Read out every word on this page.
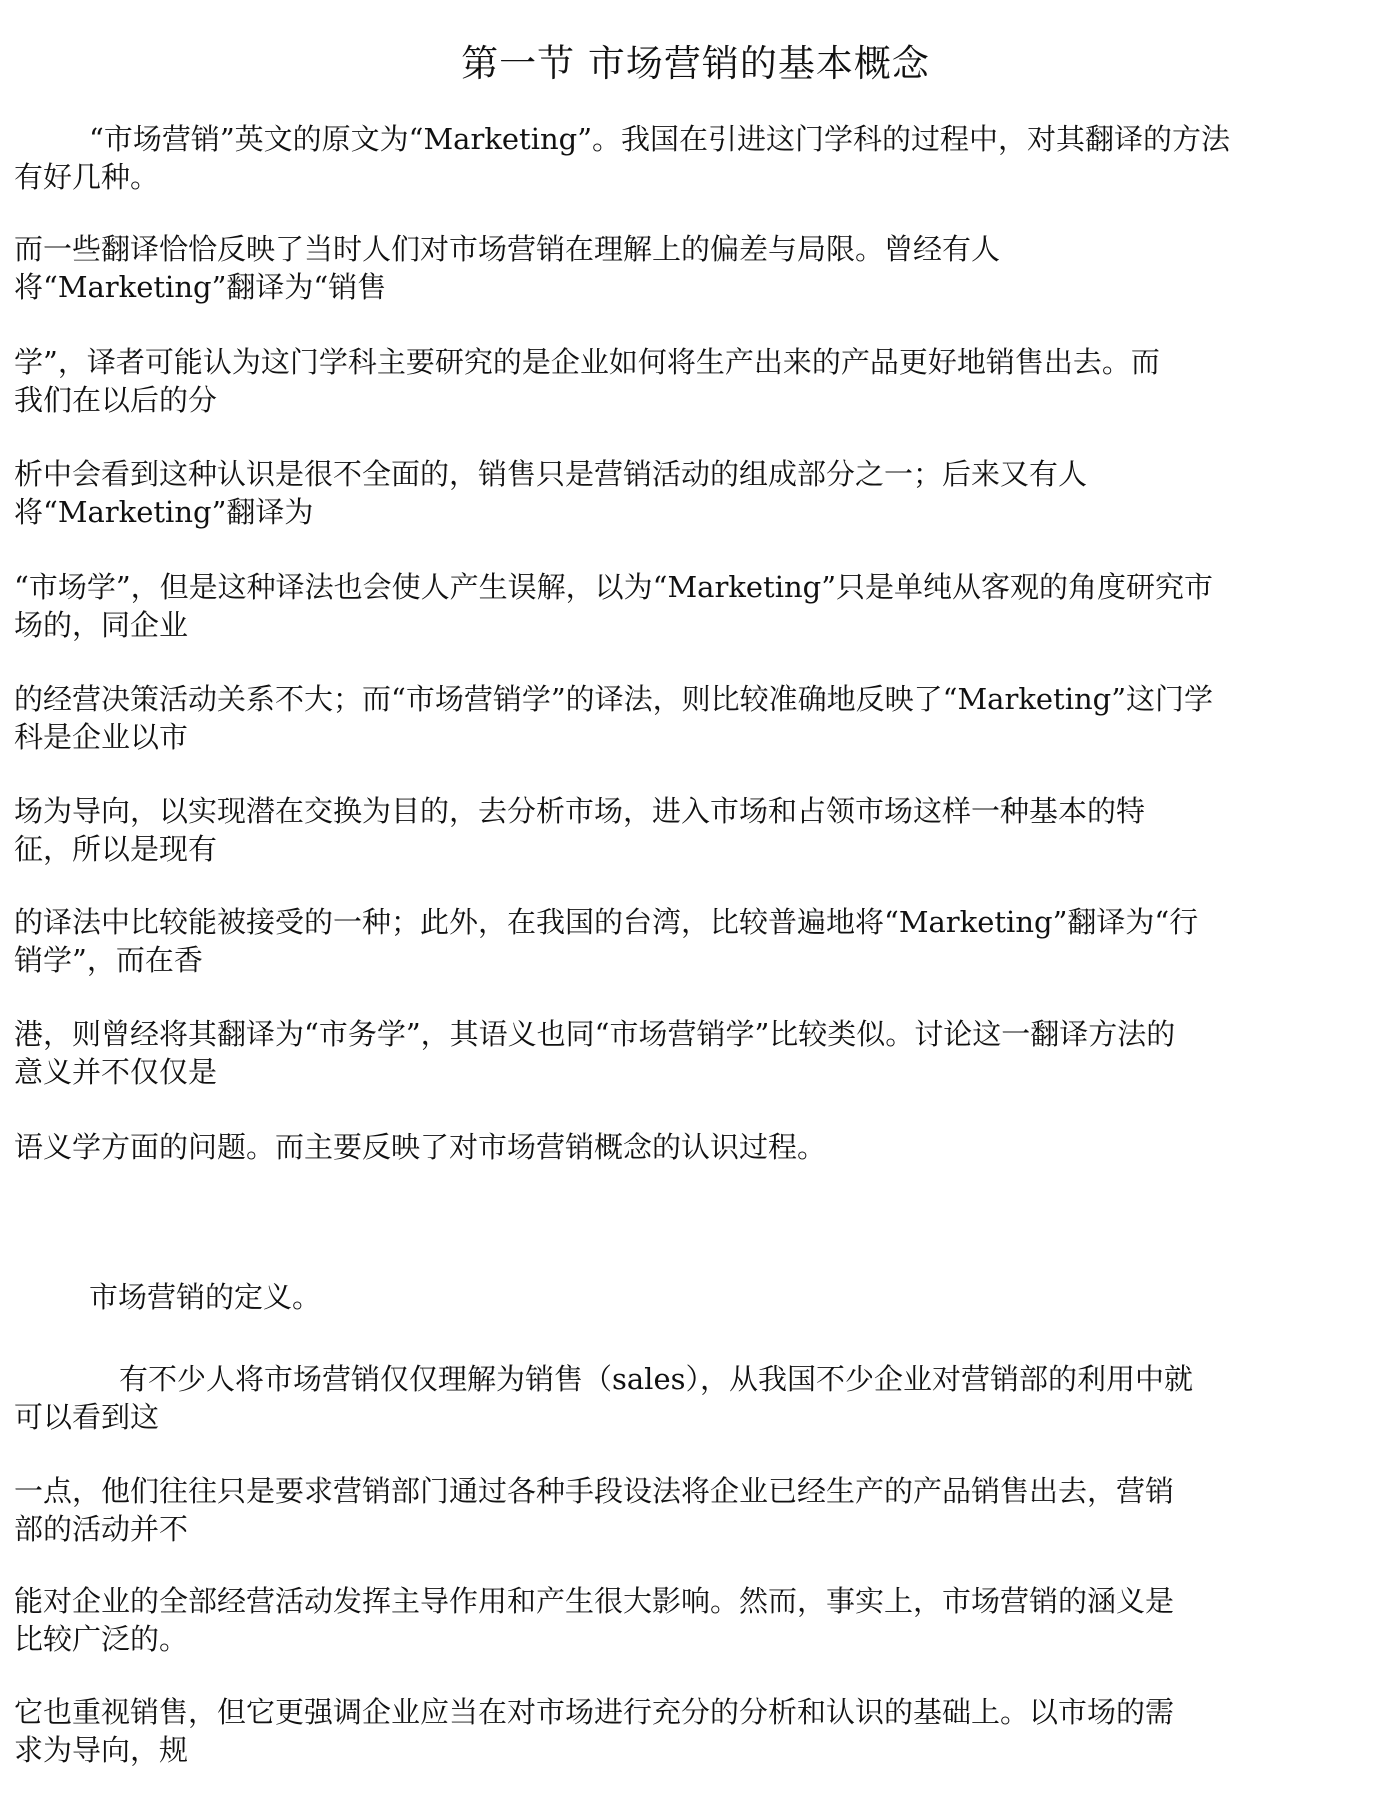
第一节 市场营销的基本概念
“市场营销”英文的原文为“Marketing”。我国在引进这门学科的过程中，对其翻译的方法
有好几种。
而一些翻译恰恰反映了当时人们对市场营销在理解上的偏差与局限。曾经有人
将“Marketing”翻译为“销售
学”，译者可能认为这门学科主要研究的是企业如何将生产出来的产品更好地销售出去。而
我们在以后的分
析中会看到这种认识是很不全面的，销售只是营销活动的组成部分之一；后来又有人
将“Marketing”翻译为
“市场学”，但是这种译法也会使人产生误解，以为“Marketing”只是单纯从客观的角度研究市
场的，同企业
的经营决策活动关系不大；而“市场营销学”的译法，则比较准确地反映了“Marketing”这门学
科是企业以市
场为导向，以实现潜在交换为目的，去分析市场，进入市场和占领市场这样一种基本的特
征，所以是现有
的译法中比较能被接受的一种；此外，在我国的台湾，比较普遍地将“Marketing”翻译为“行
销学”，而在香
港，则曾经将其翻译为“市务学”，其语义也同“市场营销学”比较类似。讨论这一翻译方法的
意义并不仅仅是
语义学方面的问题。而主要反映了对市场营销概念的认识过程。
市场营销的定义。
有不少人将市场营销仅仅理解为销售（sales），从我国不少企业对营销部的利用中就
可以看到这
一点，他们往往只是要求营销部门通过各种手段设法将企业已经生产的产品销售出去，营销
部的活动并不
能对企业的全部经营活动发挥主导作用和产生很大影响。然而，事实上，市场营销的涵义是
比较广泛的。
它也重视销售，但它更强调企业应当在对市场进行充分的分析和认识的基础上。以市场的需
求为导向，规
